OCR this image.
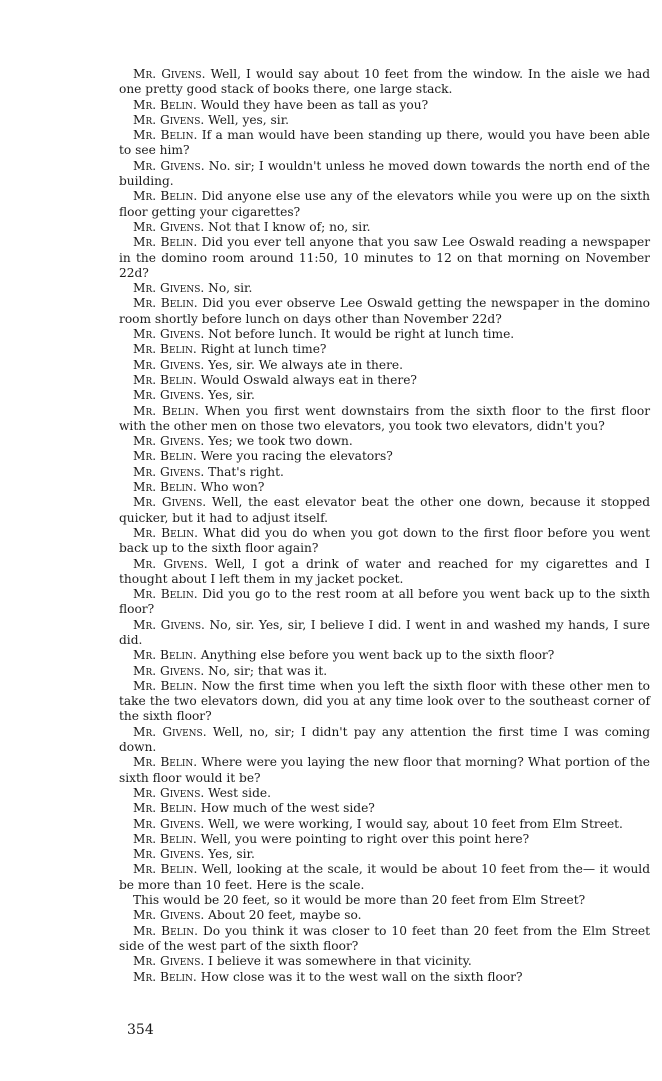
Mr. Givens. Well, I would say about 10 feet from the window. In the aisle we had one pretty good stack of books there, one large stack.

Mr. Belin. Would they have been as tall as you?

Mr. Givens. Well, yes, sir.

Mr. Belin. If a man would have been standing up there, would you have been able to see him?

Mr. Givens. No. sir; I wouldn't unless he moved down towards the north end of the building.

Mr. Belin. Did anyone else use any of the elevators while you were up on the sixth floor getting your cigarettes?

Mr. Givens. Not that I know of; no, sir.

Mr. Belin. Did you ever tell anyone that you saw Lee Oswald reading a newspaper in the domino room around 11:50, 10 minutes to 12 on that morning on November 22d?

Mr. Givens. No, sir.

Mr. Belin. Did you ever observe Lee Oswald getting the newspaper in the domino room shortly before lunch on days other than November 22d?

Mr. Givens. Not before lunch. It would be right at lunch time.

Mr. Belin. Right at lunch time?

Mr. Givens. Yes, sir. We always ate in there.

Mr. Belin. Would Oswald always eat in there?

Mr. Givens. Yes, sir.

Mr. Belin. When you first went downstairs from the sixth floor to the first floor with the other men on those two elevators, you took two elevators, didn't you?

Mr. Givens. Yes; we took two down.

Mr. Belin. Were you racing the elevators?

Mr. Givens. That's right.

Mr. Belin. Who won?

Mr. Givens. Well, the east elevator beat the other one down, because it stopped quicker, but it had to adjust itself.

Mr. Belin. What did you do when you got down to the first floor before you went back up to the sixth floor again?

Mr. Givens. Well, I got a drink of water and reached for my cigarettes and I thought about I left them in my jacket pocket.

Mr. Belin. Did you go to the rest room at all before you went back up to the sixth floor?

Mr. Givens. No, sir. Yes, sir, I believe I did. I went in and washed my hands, I sure did.

Mr. Belin. Anything else before you went back up to the sixth floor?

Mr. Givens. No, sir; that was it.

Mr. Belin. Now the first time when you left the sixth floor with these other men to take the two elevators down, did you at any time look over to the southeast corner of the sixth floor?

Mr. Givens. Well, no, sir; I didn't pay any attention the first time I was coming down.

Mr. Belin. Where were you laying the new floor that morning? What portion of the sixth floor would it be?

Mr. Givens. West side.

Mr. Belin. How much of the west side?

Mr. Givens. Well, we were working, I would say, about 10 feet from Elm Street.

Mr. Belin. Well, you were pointing to right over this point here?

Mr. Givens. Yes, sir.

Mr. Belin. Well, looking at the scale, it would be about 10 feet from the— it would be more than 10 feet. Here is the scale.

This would be 20 feet, so it would be more than 20 feet from Elm Street?

Mr. Givens. About 20 feet, maybe so.

Mr. Belin. Do you think it was closer to 10 feet than 20 feet from the Elm Street side of the west part of the sixth floor?

Mr. Givens. I believe it was somewhere in that vicinity.

Mr. Belin. How close was it to the west wall on the sixth floor?

354
